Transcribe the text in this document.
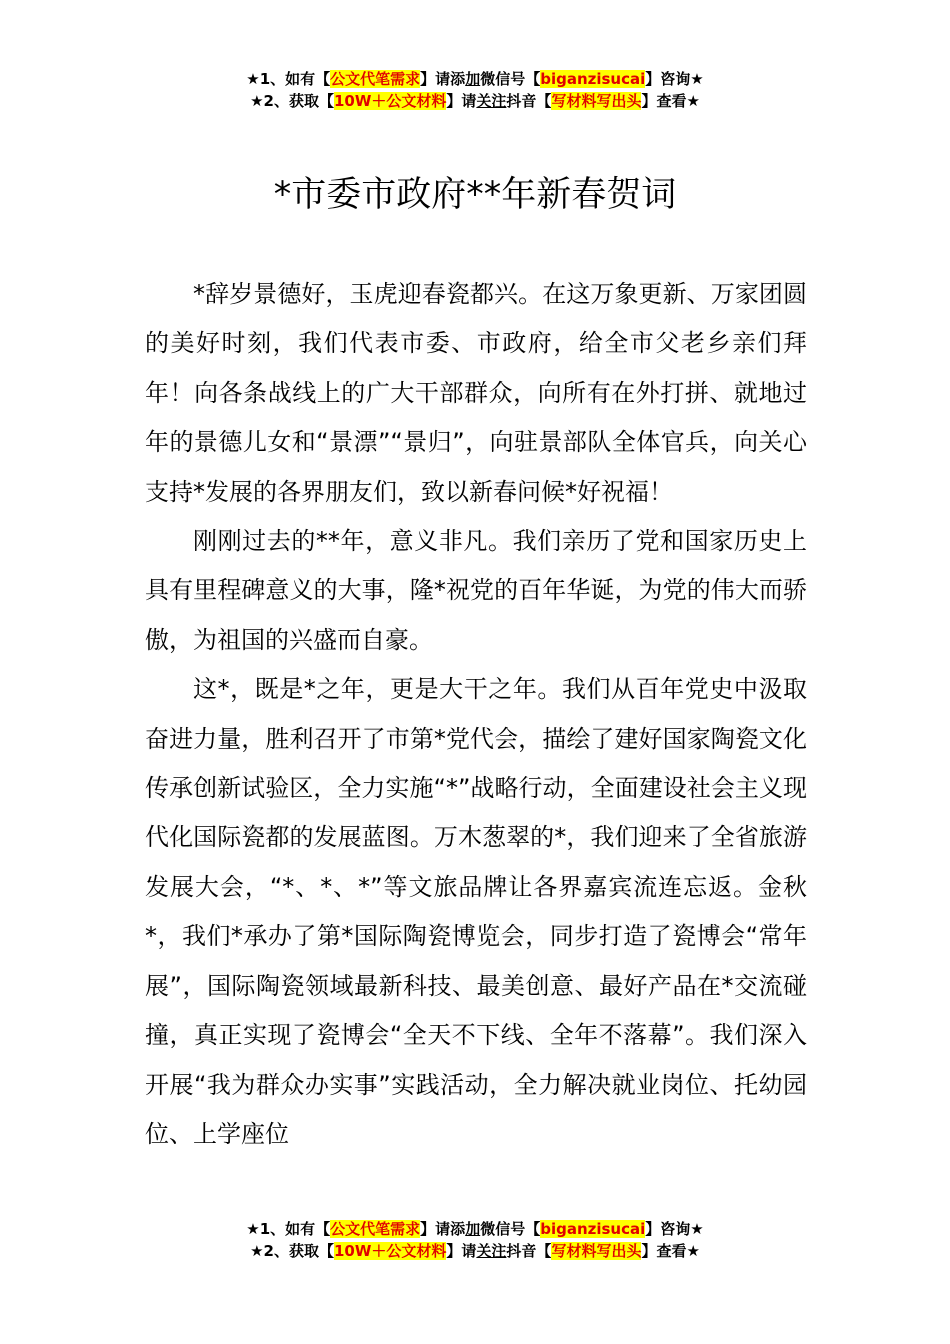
★1、如有【公文代笔需求】请添加微信号【biganzisucai】咨询★
★2、获取【10W＋公文材料】请关注抖音【写材料写出头】查看★
*市委市政府**年新春贺词

*辞岁景德好，玉虎迎春瓷都兴。在这万象更新、万家团圆的美好时刻，我们代表市委、市政府，给全市父老乡亲们拜年！向各条战线上的广大干部群众，向所有在外打拼、就地过年的景德儿女和“景漂”“景归”，向驻景部队全体官兵，向关心支持*发展的各界朋友们，致以新春问候*好祝福！

刚刚过去的**年，意义非凡。我们亲历了党和国家历史上具有里程碑意义的大事，隆*祝党的百年华诞，为党的伟大而骄傲，为祖国的兴盛而自豪。

这*，既是*之年，更是大干之年。我们从百年党史中汲取奋进力量，胜利召开了市第*党代会，描绘了建好国家陶瓷文化传承创新试验区，全力实施“*”战略行动，全面建设社会主义现代化国际瓷都的发展蓝图。万木葱翠的*，我们迎来了全省旅游发展大会，“*、*、*”等文旅品牌让各界嘉宾流连忘返。金秋*，我们*承办了第*国际陶瓷博览会，同步打造了瓷博会“常年展”，国际陶瓷领域最新科技、最美创意、最好产品在*交流碰撞，真正实现了瓷博会“全天不下线、全年不落幕”。我们深入开展“我为群众办实事”实践活动，全力解决就业岗位、托幼园位、上学座位

★1、如有【公文代笔需求】请添加微信号【biganzisucai】咨询★
★2、获取【10W＋公文材料】请关注抖音【写材料写出头】查看★
